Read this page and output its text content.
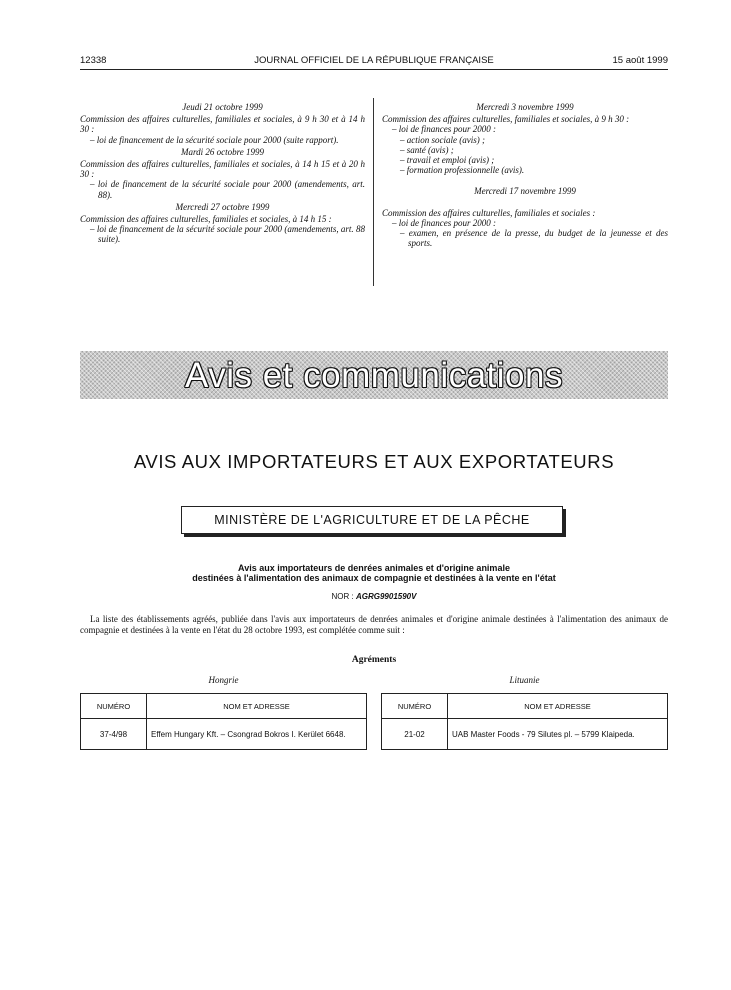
12338	JOURNAL OFFICIEL DE LA RÉPUBLIQUE FRANÇAISE	15 août 1999
Jeudi 21 octobre 1999
Commission des affaires culturelles, familiales et sociales, à 9 h 30 et à 14 h 30 :
– loi de financement de la sécurité sociale pour 2000 (suite rapport).
Mardi 26 octobre 1999
Commission des affaires culturelles, familiales et sociales, à 14 h 15 et à 20 h 30 :
– loi de financement de la sécurité sociale pour 2000 (amendements, art. 88).
Mercredi 27 octobre 1999
Commission des affaires culturelles, familiales et sociales, à 14 h 15 :
– loi de financement de la sécurité sociale pour 2000 (amendements, art. 88 suite).
Mercredi 3 novembre 1999
Commission des affaires culturelles, familiales et sociales, à 9 h 30 :
– loi de finances pour 2000 :
– action sociale (avis) ;
– santé (avis) ;
– travail et emploi (avis) ;
– formation professionnelle (avis).
Mercredi 17 novembre 1999
Commission des affaires culturelles, familiales et sociales :
– loi de finances pour 2000 :
– examen, en présence de la presse, du budget de la jeunesse et des sports.
Avis et communications
AVIS AUX IMPORTATEURS ET AUX EXPORTATEURS
MINISTÈRE DE L'AGRICULTURE ET DE LA PÊCHE
Avis aux importateurs de denrées animales et d'origine animale
destinées à l'alimentation des animaux de compagnie et destinées à la vente en l'état
NOR : AGRG9901590V
La liste des établissements agréés, publiée dans l'avis aux importateurs de denrées animales et d'origine animale destinées à l'alimentation des animaux de compagnie et destinées à la vente en l'état du 28 octobre 1993, est complétée comme suit :
Agréments
Hongrie	Lituanie
NUMÉRO	NOM ET ADRESSE
37-4/98	Effem Hungary Kft. – Csongrad Bokros I. Kerület 6648.
NUMÉRO	NOM ET ADRESSE
21-02	UAB Master Foods - 79 Silutes pl. – 5799 Klaipeda.
